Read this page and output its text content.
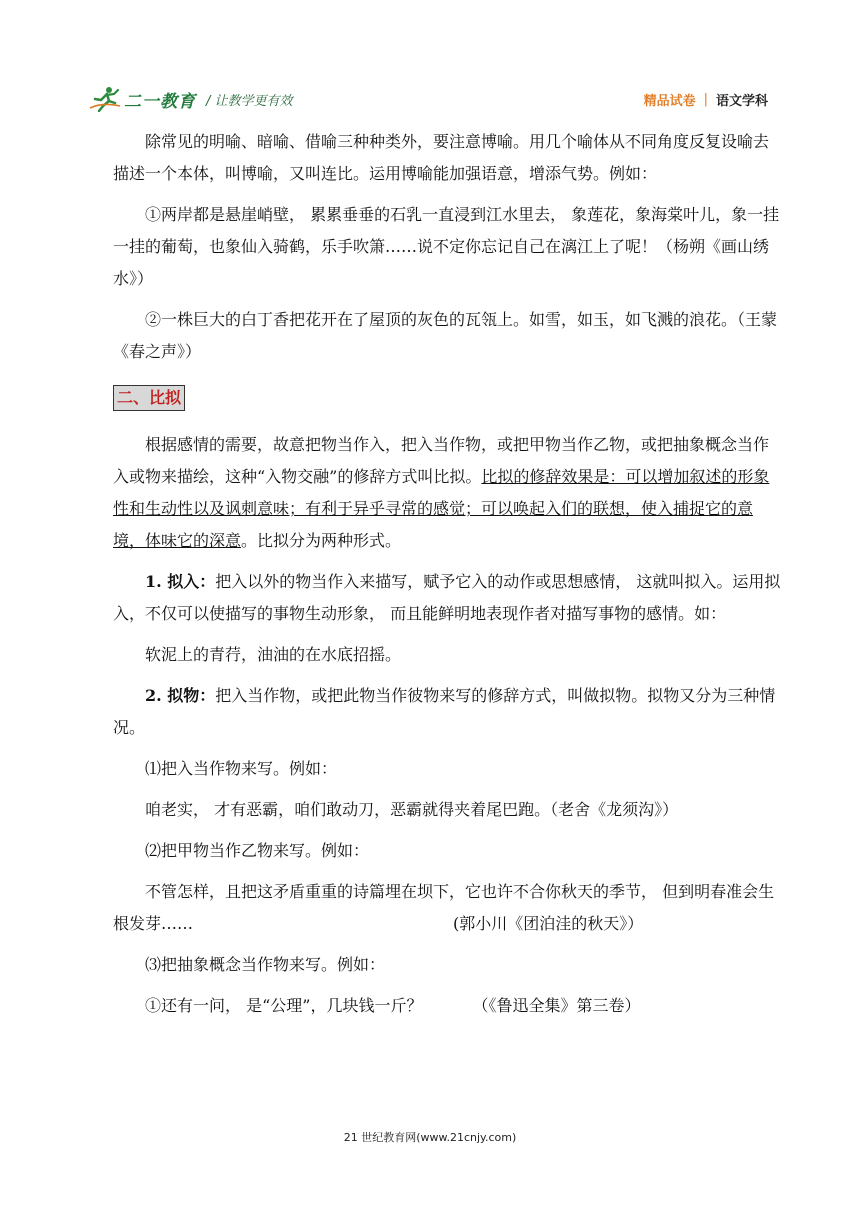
二一教育 / 让教学更有效	精品试卷 | 语文学科

除常见的明喻、暗喻、借喻三种种类外，要注意博喻。用几个喻体从不同角度反复设喻去描述一个本体，叫博喻，又叫连比。运用博喻能加强语意，增添气势。例如：

①两岸都是悬崖峭壁， 累累垂垂的石乳一直浸到江水里去， 象莲花，象海棠叶儿，象一挂一挂的葡萄，也象仙入骑鹤，乐手吹箫……说不定你忘记自己在漓江上了呢！（杨朔《画山绣水》）

②一株巨大的白丁香把花开在了屋顶的灰色的瓦瓴上。如雪，如玉，如飞溅的浪花。（王蒙《春之声》）

二、比拟

根据感情的需要，故意把物当作入，把入当作物，或把甲物当作乙物，或把抽象概念当作入或物来描绘，这种“入物交融”的修辞方式叫比拟。比拟的修辞效果是：可以增加叙述的形象性和生动性以及讽刺意味；有利于异乎寻常的感觉；可以唤起入们的联想，使入捕捉它的意境，体味它的深意。比拟分为两种形式。

1. 拟入：把入以外的物当作入来描写，赋予它入的动作或思想感情， 这就叫拟入。运用拟入，不仅可以使描写的事物生动形象， 而且能鲜明地表现作者对描写事物的感情。如：

软泥上的青荇，油油的在水底招摇。

2. 拟物：把入当作物，或把此物当作彼物来写的修辞方式，叫做拟物。拟物又分为三种情况。

⑴把入当作物来写。例如：

咱老实， 才有恶霸，咱们敢动刀，恶霸就得夹着尾巴跑。（老舍《龙须沟》）

⑵把甲物当作乙物来写。例如：

不管怎样，且把这矛盾重重的诗篇埋在坝下，它也许不合你秋天的季节， 但到明春准会生根发芽……	(郭小川《团泊洼的秋天》）

⑶把抽象概念当作物来写。例如：

①还有一问， 是“公理”，几块钱一斤？	（《鲁迅全集》第三卷）

21 世纪教育网(www.21cnjy.com)
